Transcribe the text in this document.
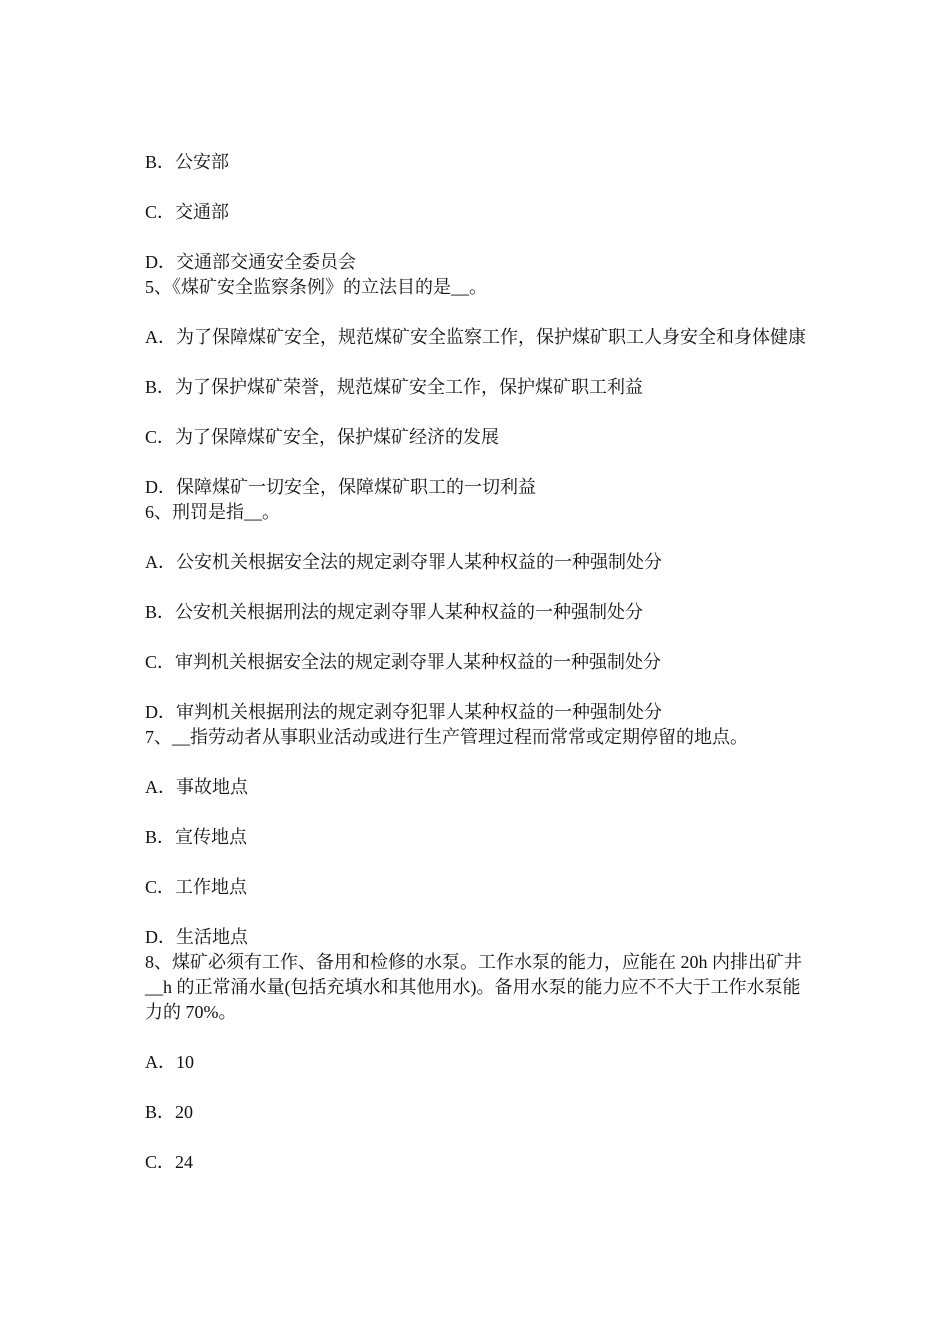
B．公安部
C．交通部
D．交通部交通安全委员会
5、《煤矿安全监察条例》的立法目的是__。
A．为了保障煤矿安全，规范煤矿安全监察工作，保护煤矿职工人身安全和身体健康
B．为了保护煤矿荣誉，规范煤矿安全工作，保护煤矿职工利益
C．为了保障煤矿安全，保护煤矿经济的发展
D．保障煤矿一切安全，保障煤矿职工的一切利益
6、刑罚是指__。
A．公安机关根据安全法的规定剥夺罪人某种权益的一种强制处分
B．公安机关根据刑法的规定剥夺罪人某种权益的一种强制处分
C．审判机关根据安全法的规定剥夺罪人某种权益的一种强制处分
D．审判机关根据刑法的规定剥夺犯罪人某种权益的一种强制处分
7、__指劳动者从事职业活动或进行生产管理过程而常常或定期停留的地点。
A．事故地点
B．宣传地点
C．工作地点
D．生活地点
8、煤矿必须有工作、备用和检修的水泵。工作水泵的能力，应能在 20h 内排出矿井__h 的正常涌水量(包括充填水和其他用水)。备用水泵的能力应不不大于工作水泵能力的 70%。
A．10
B．20
C．24
